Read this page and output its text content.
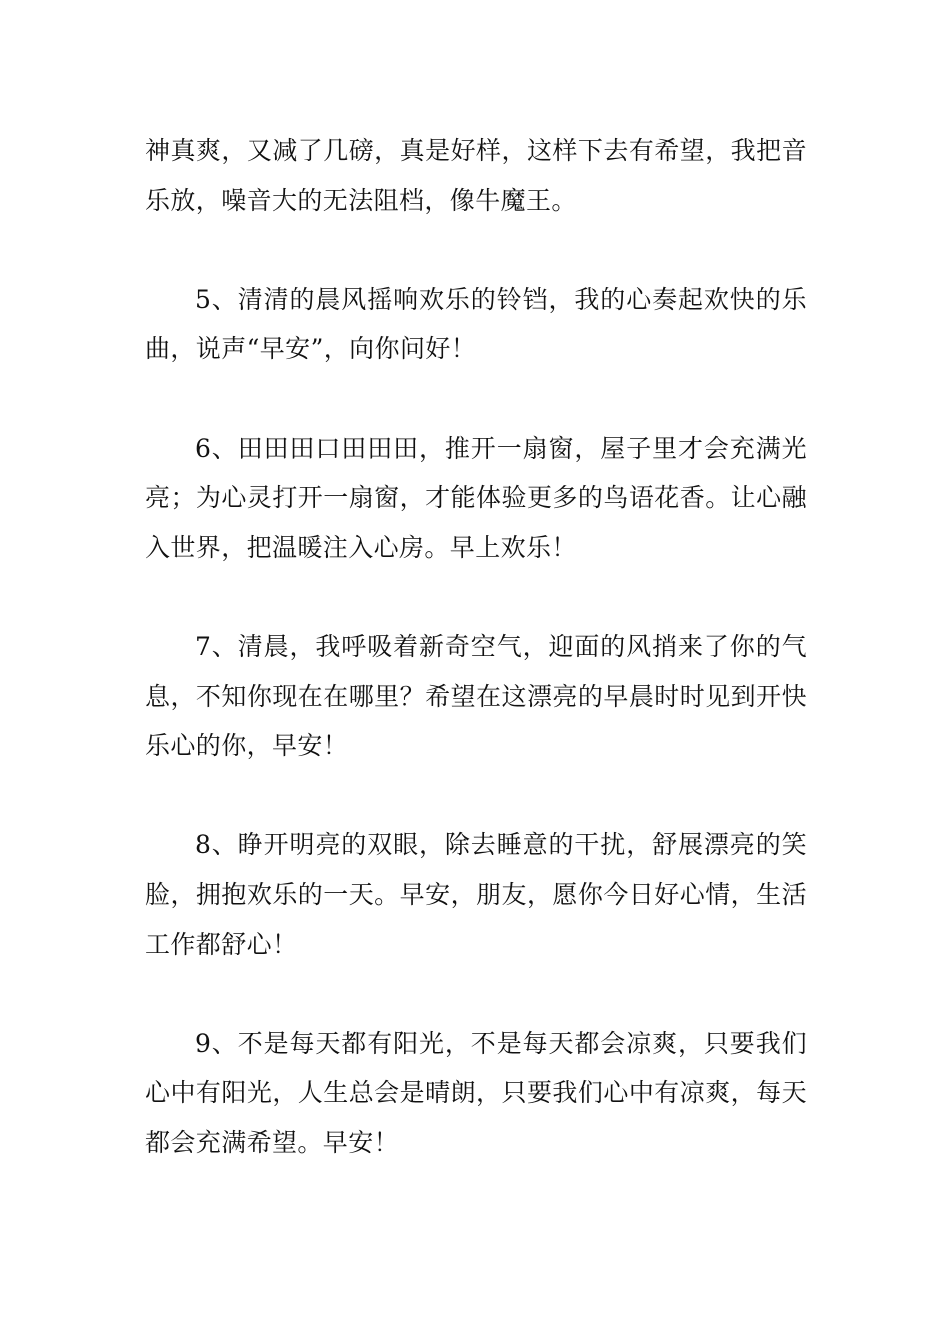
神真爽，又减了几磅，真是好样，这样下去有希望，我把音乐放，噪音大的无法阻档，像牛魔王。

5、清清的晨风摇响欢乐的铃铛，我的心奏起欢快的乐曲，说声“早安”，向你问好！

6、田田田口田田田，推开一扇窗，屋子里才会充满光亮；为心灵打开一扇窗，才能体验更多的鸟语花香。让心融入世界，把温暖注入心房。早上欢乐！

7、清晨，我呼吸着新奇空气，迎面的风捎来了你的气息，不知你现在在哪里？希望在这漂亮的早晨时时见到开快乐心的你，早安！

8、睁开明亮的双眼，除去睡意的干扰，舒展漂亮的笑脸，拥抱欢乐的一天。早安，朋友，愿你今日好心情，生活工作都舒心！

9、不是每天都有阳光，不是每天都会凉爽，只要我们心中有阳光，人生总会是晴朗，只要我们心中有凉爽，每天都会充满希望。早安！
